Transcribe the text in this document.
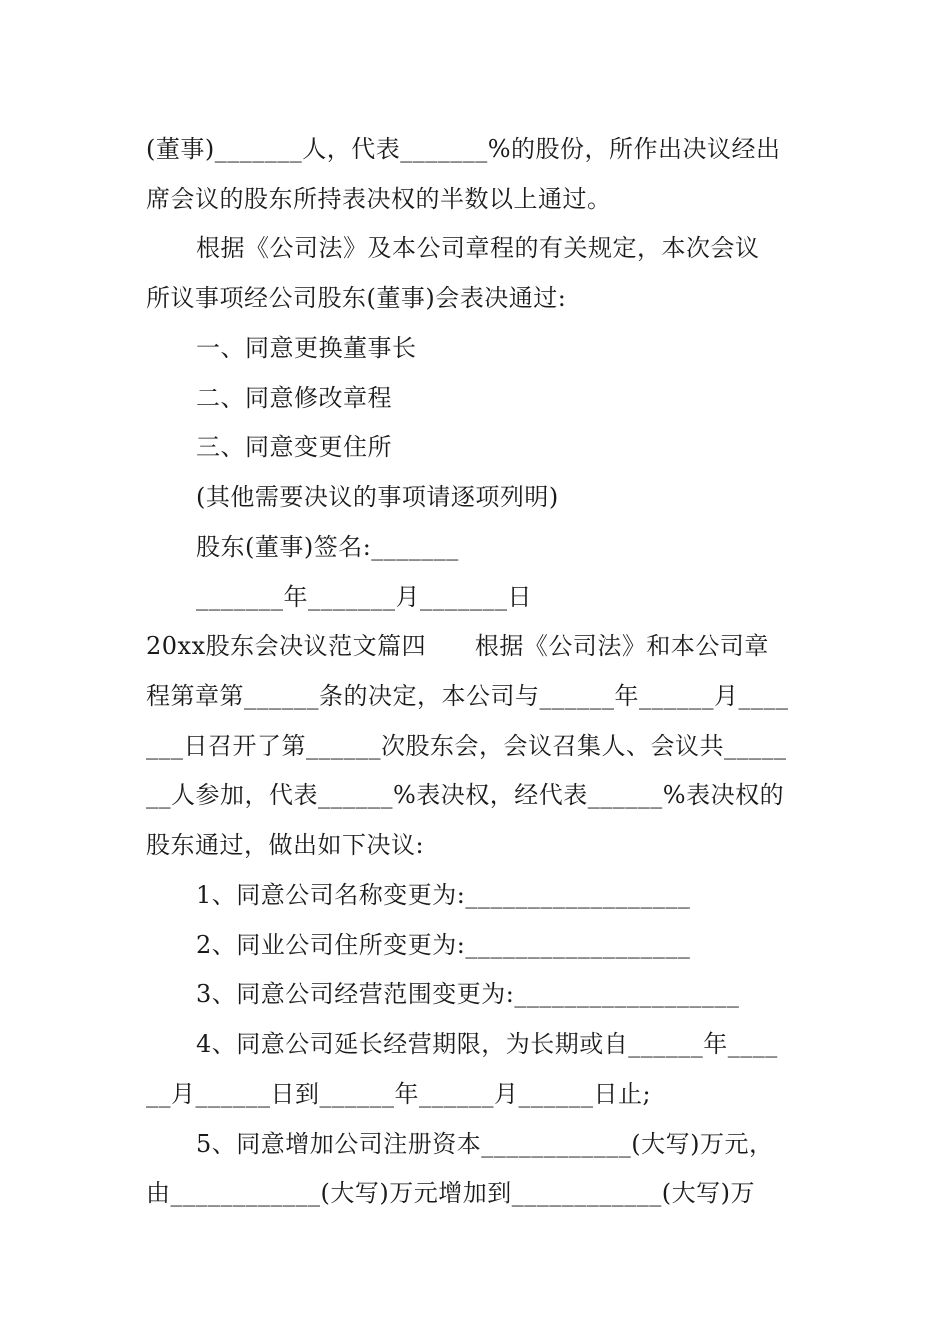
(董事)_______人，代表_______%的股份，所作出决议经出
席会议的股东所持表决权的半数以上通过。
根据《公司法》及本公司章程的有关规定，本次会议
所议事项经公司股东(董事)会表决通过:
一、同意更换董事长
二、同意修改章程
三、同意变更住所
(其他需要决议的事项请逐项列明)
股东(董事)签名:_______
_______年_______月_______日
20xx股东会决议范文篇四      根据《公司法》和本公司章
程第章第______条的决定，本公司与______年______月____
___日召开了第______次股东会，会议召集人、会议共_____
__人参加，代表______%表决权，经代表______%表决权的
股东通过，做出如下决议:
1、同意公司名称变更为:__________________
2、同业公司住所变更为:__________________
3、同意公司经营范围变更为:__________________
4、同意公司延长经营期限，为长期或自______年____
__月______日到______年______月______日止;
5、同意增加公司注册资本____________(大写)万元，
由____________(大写)万元增加到____________(大写)万
